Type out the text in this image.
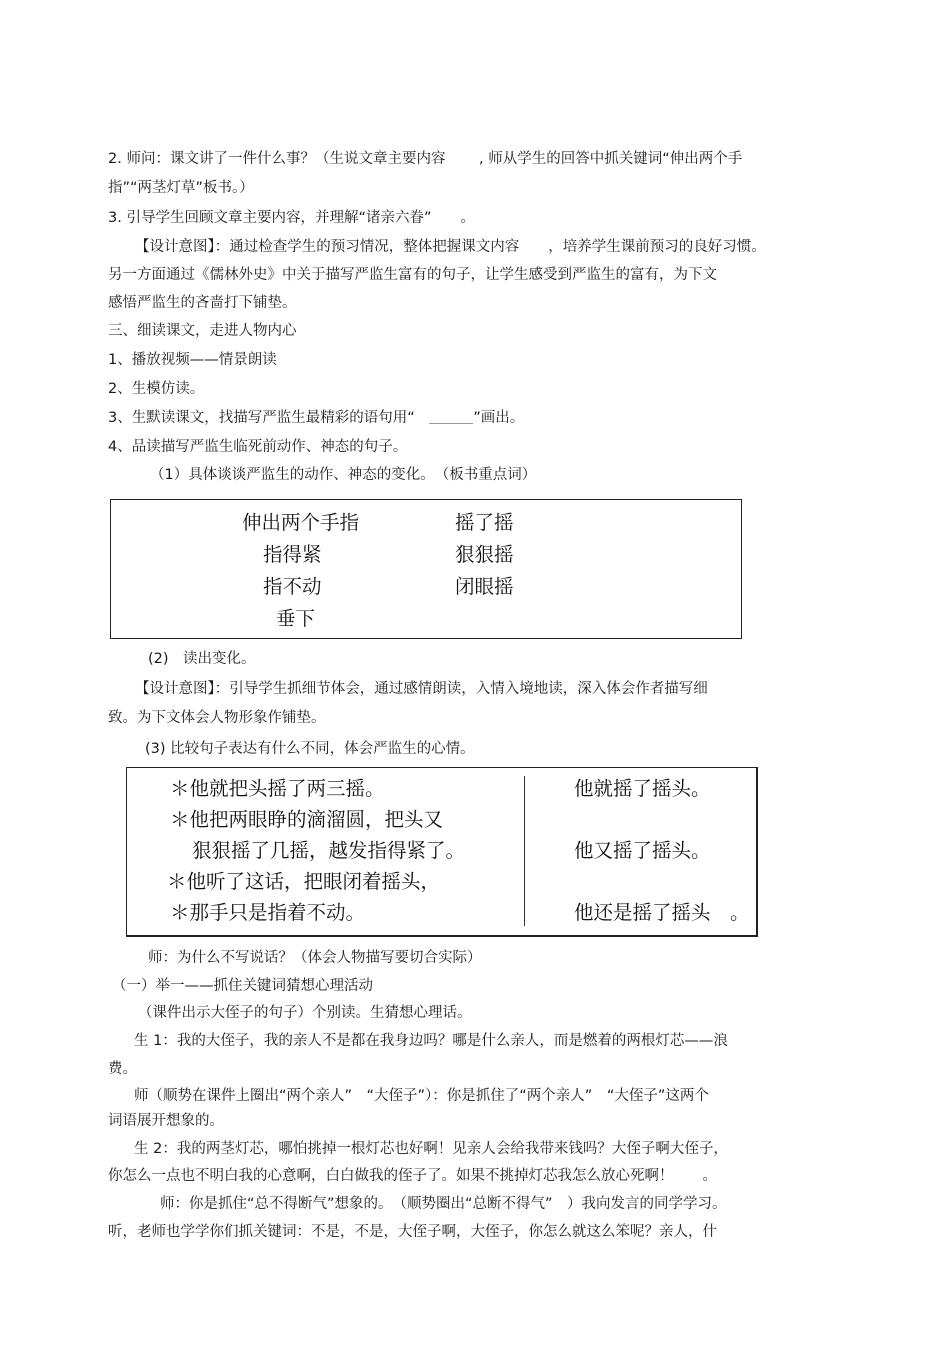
2. 师问：课文讲了一件什么事？（生说文章主要内容　　 , 师从学生的回答中抓关键词“伸出两个手
指”“两茎灯草”板书。）
3. 引导学生回顾文章主要内容，并理解“诸亲六眷”　　。
【设计意图】：通过检查学生的预习情况，整体把握课文内容　　，培养学生课前预习的良好习惯。
另一方面通过《儒林外史》中关于描写严监生富有的句子，让学生感受到严监生的富有，为下文
感悟严监生的吝啬打下铺垫。
三、细读课文，走进人物内心
1、播放视频——情景朗读
2、生模仿读。
3、生默读课文，找描写严监生最精彩的语句用“　	”画出。
4、品读描写严监生临死前动作、神态的句子。
（1）具体谈谈严监生的动作、神态的变化。　（板书重点词）
伸出两个手指
指得紧
指不动
垂下
摇了摇
狠狠摇
闭眼摇
(2)　读出变化。
【设计意图】：引导学生抓细节体会，通过感情朗读，入情入境地读，深入体会作者描写细
致。为下文体会人物形象作铺垫。
(3) 比较句子表达有什么不同，体会严监生的心情。
＊他就把头摇了两三摇。
＊他把两眼睁的滴溜圆，把头又
狠狠摇了几摇，越发指得紧了。
＊他听了这话，把眼闭着摇头，
＊那手只是指着不动。
他就摇了摇头。
他又摇了摇头。
他还是摇了摇头　。
师：为什么不写说话？（体会人物描写要切合实际）
（一）举一——抓住关键词猜想心理活动
（课件出示大侄子的句子）个别读。生猜想心理话。
生 1：我的大侄子，我的亲人不是都在我身边吗？哪是什么亲人，而是燃着的两根灯芯——浪
费。
师（顺势在课件上圈出“两个亲人”　“大侄子”）：你是抓住了“两个亲人”　“大侄子”这两个
词语展开想象的。
生 2：我的两茎灯芯，哪怕挑掉一根灯芯也好啊！见亲人会给我带来钱吗？大侄子啊大侄子，
你怎么一点也不明白我的心意啊，白白做我的侄子了。如果不挑掉灯芯我怎么放心死啊！　　。
师：你是抓住“总不得断气”想象的。　（顺势圈出“总断不得气”　）我向发言的同学学习。
听，老师也学学你们抓关键词：不是，不是，大侄子啊，大侄子，你怎么就这么笨呢？亲人，什
